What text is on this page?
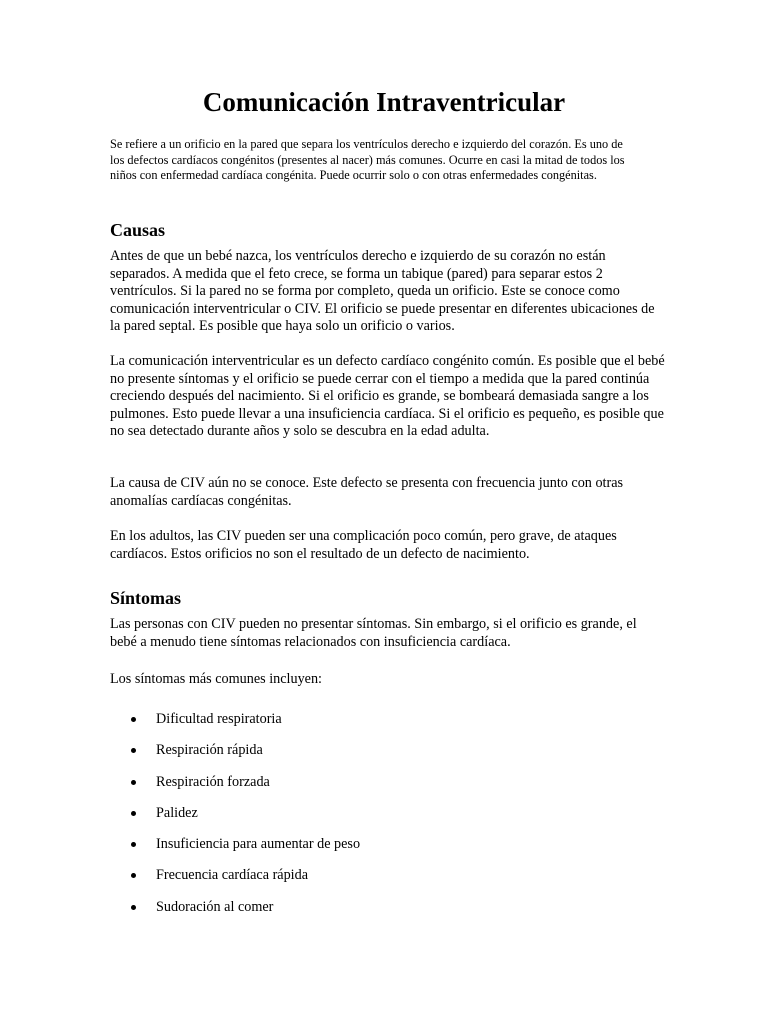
Comunicación Intraventricular

Se refiere a un orificio en la pared que separa los ventrículos derecho e izquierdo del corazón. Es uno de los defectos cardíacos congénitos (presentes al nacer) más comunes. Ocurre en casi la mitad de todos los niños con enfermedad cardíaca congénita. Puede ocurrir solo o con otras enfermedades congénitas.

Causas

Antes de que un bebé nazca, los ventrículos derecho e izquierdo de su corazón no están separados. A medida que el feto crece, se forma un tabique (pared) para separar estos 2 ventrículos. Si la pared no se forma por completo, queda un orificio. Este se conoce como comunicación interventricular o CIV. El orificio se puede presentar en diferentes ubicaciones de la pared septal. Es posible que haya solo un orificio o varios.

La comunicación interventricular es un defecto cardíaco congénito común. Es posible que el bebé no presente síntomas y el orificio se puede cerrar con el tiempo a medida que la pared continúa creciendo después del nacimiento. Si el orificio es grande, se bombeará demasiada sangre a los pulmones. Esto puede llevar a una insuficiencia cardíaca. Si el orificio es pequeño, es posible que no sea detectado durante años y solo se descubra en la edad adulta.

La causa de CIV aún no se conoce. Este defecto se presenta con frecuencia junto con otras anomalías cardíacas congénitas.

En los adultos, las CIV pueden ser una complicación poco común, pero grave, de ataques cardíacos. Estos orificios no son el resultado de un defecto de nacimiento.

Síntomas

Las personas con CIV pueden no presentar síntomas. Sin embargo, si el orificio es grande, el bebé a menudo tiene síntomas relacionados con insuficiencia cardíaca.

Los síntomas más comunes incluyen:

Dificultad respiratoria
Respiración rápida
Respiración forzada
Palidez
Insuficiencia para aumentar de peso
Frecuencia cardíaca rápida
Sudoración al comer
